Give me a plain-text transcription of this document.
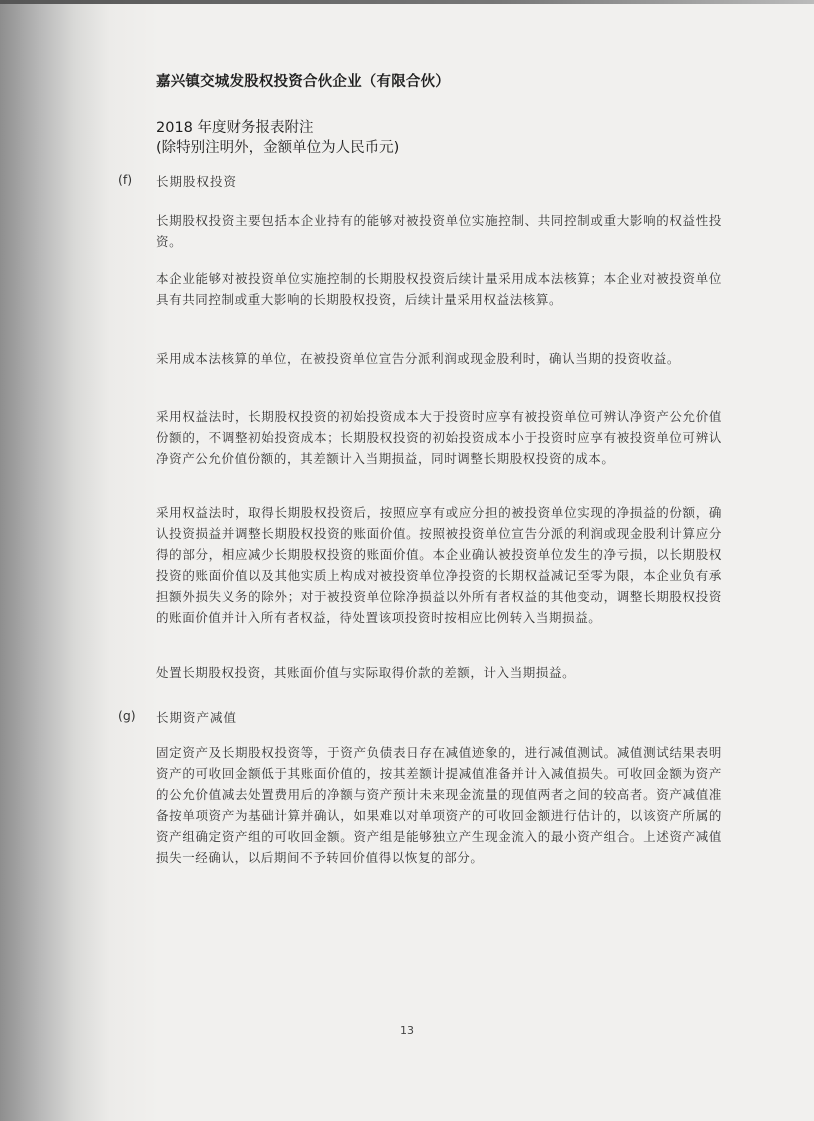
嘉兴镇交城发股权投资合伙企业（有限合伙）
2018 年度财务报表附注
(除特别注明外，金额单位为人民币元)
(f) 长期股权投资
长期股权投资主要包括本企业持有的能够对被投资单位实施控制、共同控制或重大影响的权益性投资。
本企业能够对被投资单位实施控制的长期股权投资后续计量采用成本法核算；本企业对被投资单位具有共同控制或重大影响的长期股权投资，后续计量采用权益法核算。
采用成本法核算的单位，在被投资单位宣告分派利润或现金股利时，确认当期的投资收益。
采用权益法时，长期股权投资的初始投资成本大于投资时应享有被投资单位可辨认净资产公允价值份额的，不调整初始投资成本；长期股权投资的初始投资成本小于投资时应享有被投资单位可辨认净资产公允价值份额的，其差额计入当期损益，同时调整长期股权投资的成本。
采用权益法时，取得长期股权投资后，按照应享有或应分担的被投资单位实现的净损益的份额，确认投资损益并调整长期股权投资的账面价值。按照被投资单位宣告分派的利润或现金股利计算应分得的部分，相应减少长期股权投资的账面价值。本企业确认被投资单位发生的净亏损，以长期股权投资的账面价值以及其他实质上构成对被投资单位净投资的长期权益减记至零为限，本企业负有承担额外损失义务的除外；对于被投资单位除净损益以外所有者权益的其他变动，调整长期股权投资的账面价值并计入所有者权益，待处置该项投资时按相应比例转入当期损益。
处置长期股权投资，其账面价值与实际取得价款的差额，计入当期损益。
(g) 长期资产减值
固定资产及长期股权投资等，于资产负债表日存在减值迹象的，进行减值测试。减值测试结果表明资产的可收回金额低于其账面价值的，按其差额计提减值准备并计入减值损失。可收回金额为资产的公允价值减去处置费用后的净额与资产预计未来现金流量的现值两者之间的较高者。资产减值准备按单项资产为基础计算并确认，如果难以对单项资产的可收回金额进行估计的，以该资产所属的资产组确定资产组的可收回金额。资产组是能够独立产生现金流入的最小资产组合。上述资产减值损失一经确认，以后期间不予转回价值得以恢复的部分。
13
